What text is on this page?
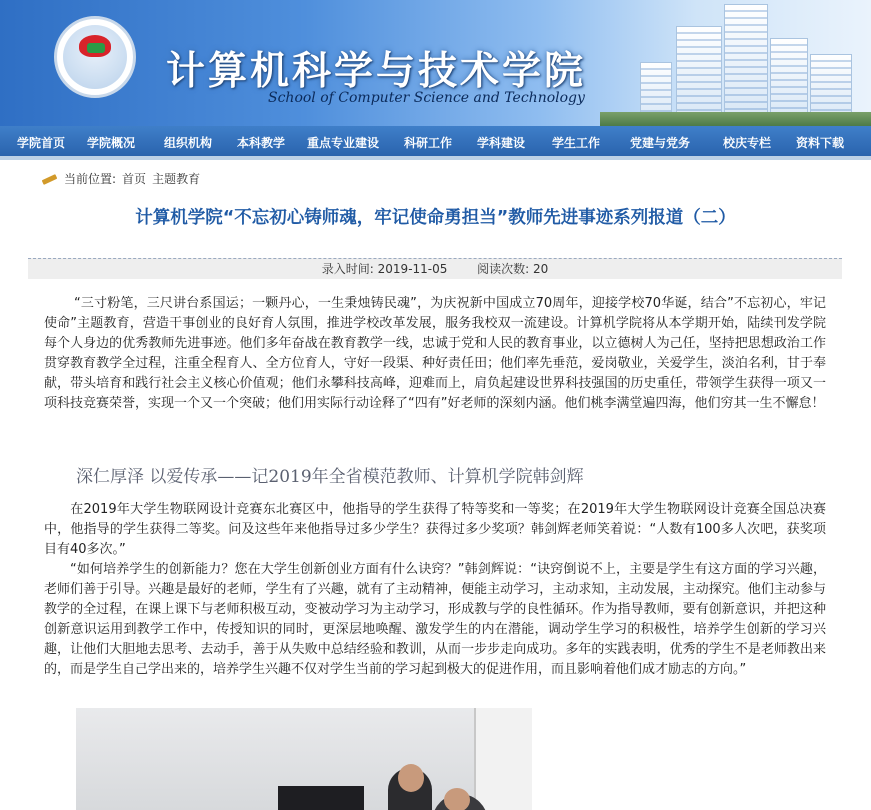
计算机科学与技术学院
School of Computer Science and Technology
学院首页 学院概况 组织机构 本科教学 重点专业建设 科研工作 学科建设 学生工作 党建与党务	校庆专栏 资料下载
当前位置: 首页 主题教育
计算机学院“不忘初心铸师魂，牢记使命勇担当”教师先进事迹系列报道（二）
录入时间: 2019-11-05 阅读次数: 20
“三寸粉笔，三尺讲台系国运；一颗丹心，一生秉烛铸民魂”，为庆祝新中国成立70周年，迎接学校70华诞，结合”不忘初心，牢记使命”主题教育，营造干事创业的良好育人氛围，推进学校改革发展，服务我校双一流建设。计算机学院将从本学期开始，陆续刊发学院每个人身边的优秀教师先进事迹。他们多年奋战在教育教学一线，忠诚于党和人民的教育事业，以立德树人为己任，坚持把思想政治工作贯穿教育教学全过程，注重全程育人、全方位育人，守好一段渠、种好责任田；他们率先垂范，爱岗敬业，关爱学生，淡泊名利，甘于奉献，带头培育和践行社会主义核心价值观；他们永攀科技高峰，迎难而上，肩负起建设世界科技强国的历史重任，带领学生获得一项又一项科技竞赛荣誉，实现一个又一个突破；他们用实际行动诠释了“四有”好老师的深刻内涵。他们桃李满堂遍四海，他们穷其一生不懈怠！
深仁厚泽 以爱传承——记2019年全省模范教师、计算机学院韩剑辉
在2019年大学生物联网设计竞赛东北赛区中，他指导的学生获得了特等奖和一等奖；在2019年大学生物联网设计竞赛全国总决赛中，他指导的学生获得二等奖。问及这些年来他指导过多少学生？获得过多少奖项？韩剑辉老师笑着说：“人数有100多人次吧，获奖项目有40多次。”
“如何培养学生的创新能力？您在大学生创新创业方面有什么诀窍？”韩剑辉说：“诀窍倒说不上，主要是学生有这方面的学习兴趣，老师们善于引导。兴趣是最好的老师，学生有了兴趣，就有了主动精神，便能主动学习，主动求知，主动发展，主动探究。他们主动参与教学的全过程，在课上课下与老师积极互动，变被动学习为主动学习，形成教与学的良性循环。作为指导教师，要有创新意识，并把这种创新意识运用到教学工作中，传授知识的同时，更深层地唤醒、激发学生的内在潜能，调动学生学习的积极性，培养学生创新的学习兴趣，让他们大胆地去思考、去动手，善于从失败中总结经验和教训，从而一步步走向成功。多年的实践表明，优秀的学生不是老师教出来的，而是学生自己学出来的，培养学生兴趣不仅对学生当前的学习起到极大的促进作用，而且影响着他们成才励志的方向。”
